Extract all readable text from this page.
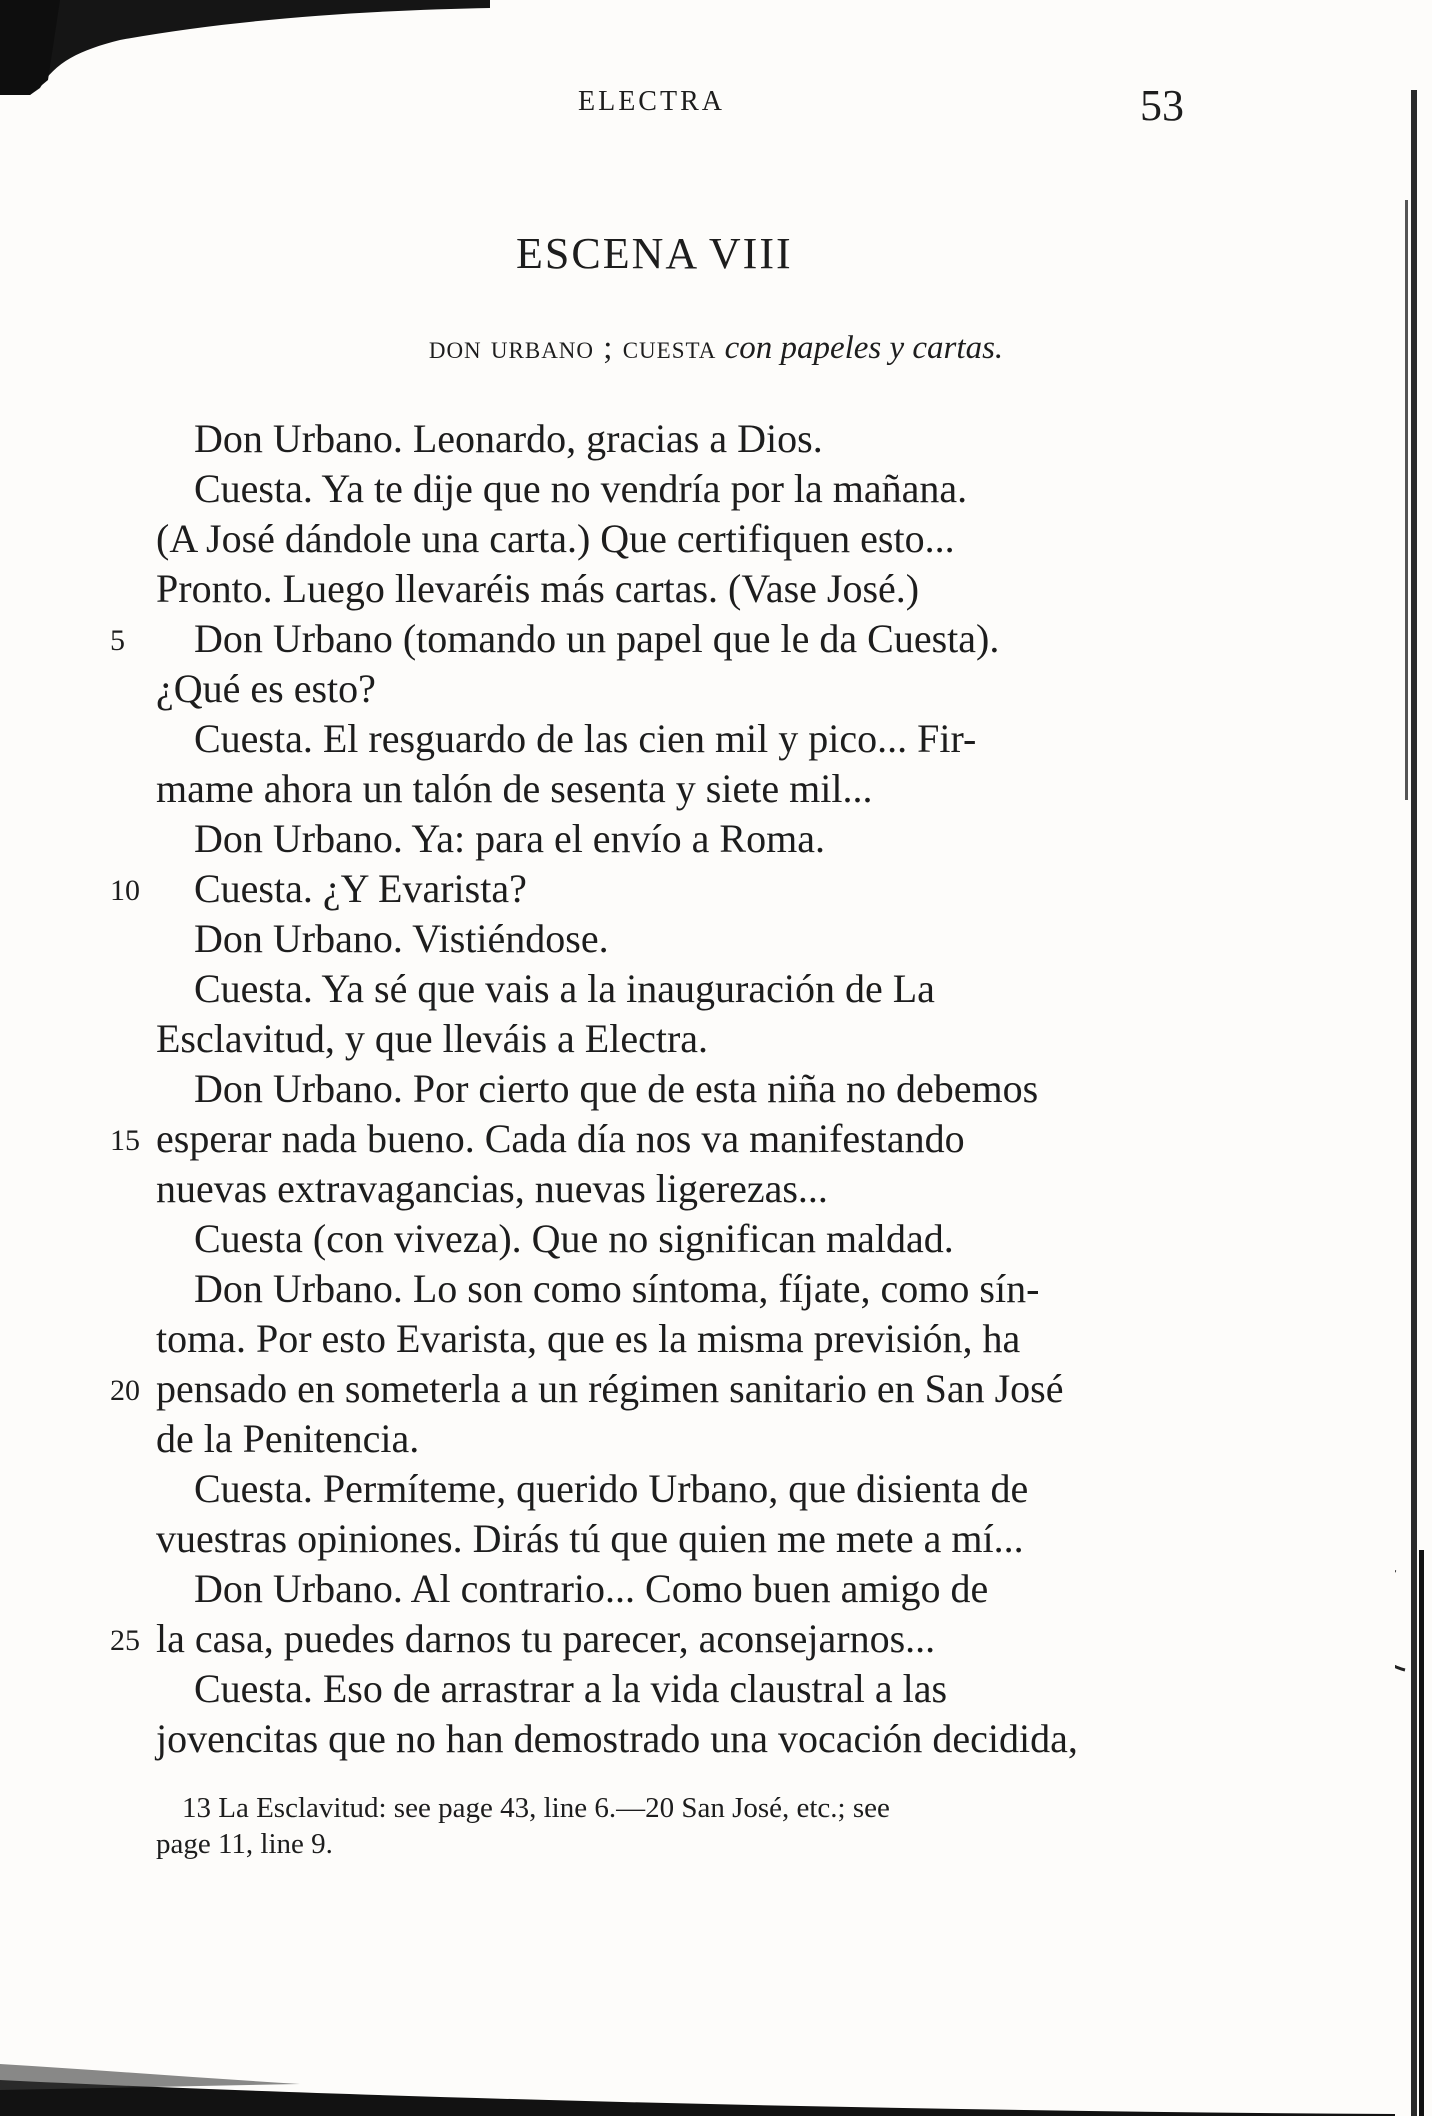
ELECTRA	53
ESCENA VIII
don urbano ; cuesta con papeles y cartas.
Don Urbano. Leonardo, gracias a Dios.
Cuesta. Ya te dije que no vendría por la mañana.
(A José dándole una carta.) Que certifiquen esto...
Pronto. Luego llevaréis más cartas. (Vase José.)
5	Don Urbano (tomando un papel que le da Cuesta).
¿Qué es esto?
Cuesta. El resguardo de las cien mil y pico... Fir-
mame ahora un talón de sesenta y siete mil...
Don Urbano. Ya: para el envío a Roma.
10 Cuesta. ¿Y Evarista?
Don Urbano. Vistiéndose.
Cuesta. Ya sé que vais a la inauguración de La
Esclavitud, y que lleváis a Electra.
Don Urbano. Por cierto que de esta niña no debemos
15 esperar nada bueno. Cada día nos va manifestando
nuevas extravagancias, nuevas ligerezas...
Cuesta (con viveza). Que no significan maldad.
Don Urbano. Lo son como síntoma, fíjate, como sín-
toma. Por esto Evarista, que es la misma previsión, ha
20 pensado en someterla a un régimen sanitario en San José
de la Penitencia.
Cuesta. Permíteme, querido Urbano, que disienta de
vuestras opiniones. Dirás tú que quien me mete a mí...
Don Urbano. Al contrario... Como buen amigo de
25 la casa, puedes darnos tu parecer, aconsejarnos...
Cuesta. Eso de arrastrar a la vida claustral a las
jovencitas que no han demostrado una vocación decidida,
13 La Esclavitud: see page 43, line 6.—20 San José, etc.; see
page 11, line 9.
